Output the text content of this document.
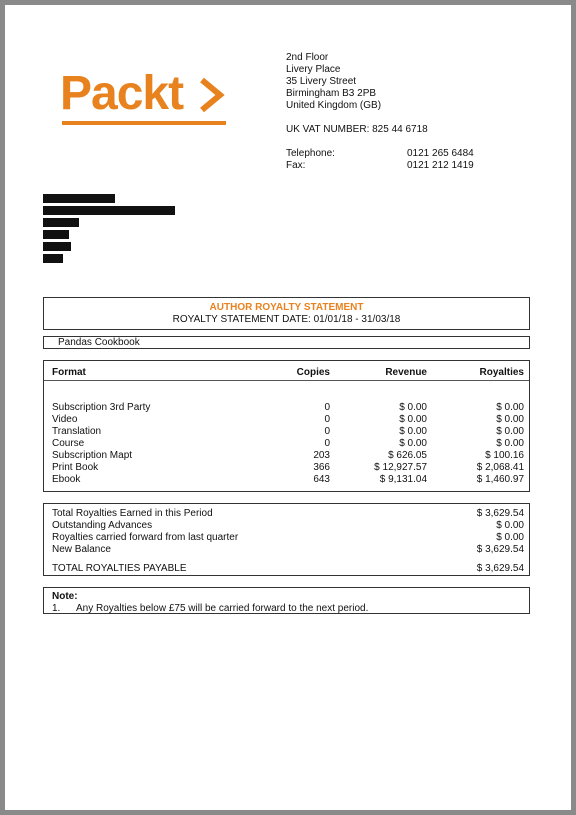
Packt
2nd Floor
Livery Place
35 Livery Street
Birmingham B3 2PB
United Kingdom (GB)
UK VAT NUMBER: 825 44 6718
Telephone:	0121 265 6484
Fax:	0121 212 1419
AUTHOR ROYALTY STATEMENT
ROYALTY STATEMENT DATE: 01/01/18 - 31/03/18
Pandas Cookbook
Format	Copies	Revenue	Royalties
Subscription 3rd Party	0	$ 0.00	$ 0.00
Video	0	$ 0.00	$ 0.00
Translation	0	$ 0.00	$ 0.00
Course	0	$ 0.00	$ 0.00
Subscription Mapt	203	$ 626.05	$ 100.16
Print Book	366	$ 12,927.57	$ 2,068.41
Ebook	643	$ 9,131.04	$ 1,460.97
Total Royalties Earned in this Period	$ 3,629.54
Outstanding Advances	$ 0.00
Royalties carried forward from last quarter	$ 0.00
New Balance	$ 3,629.54
TOTAL ROYALTIES PAYABLE	$ 3,629.54
Note:
1. Any Royalties below £75 will be carried forward to the next period.
